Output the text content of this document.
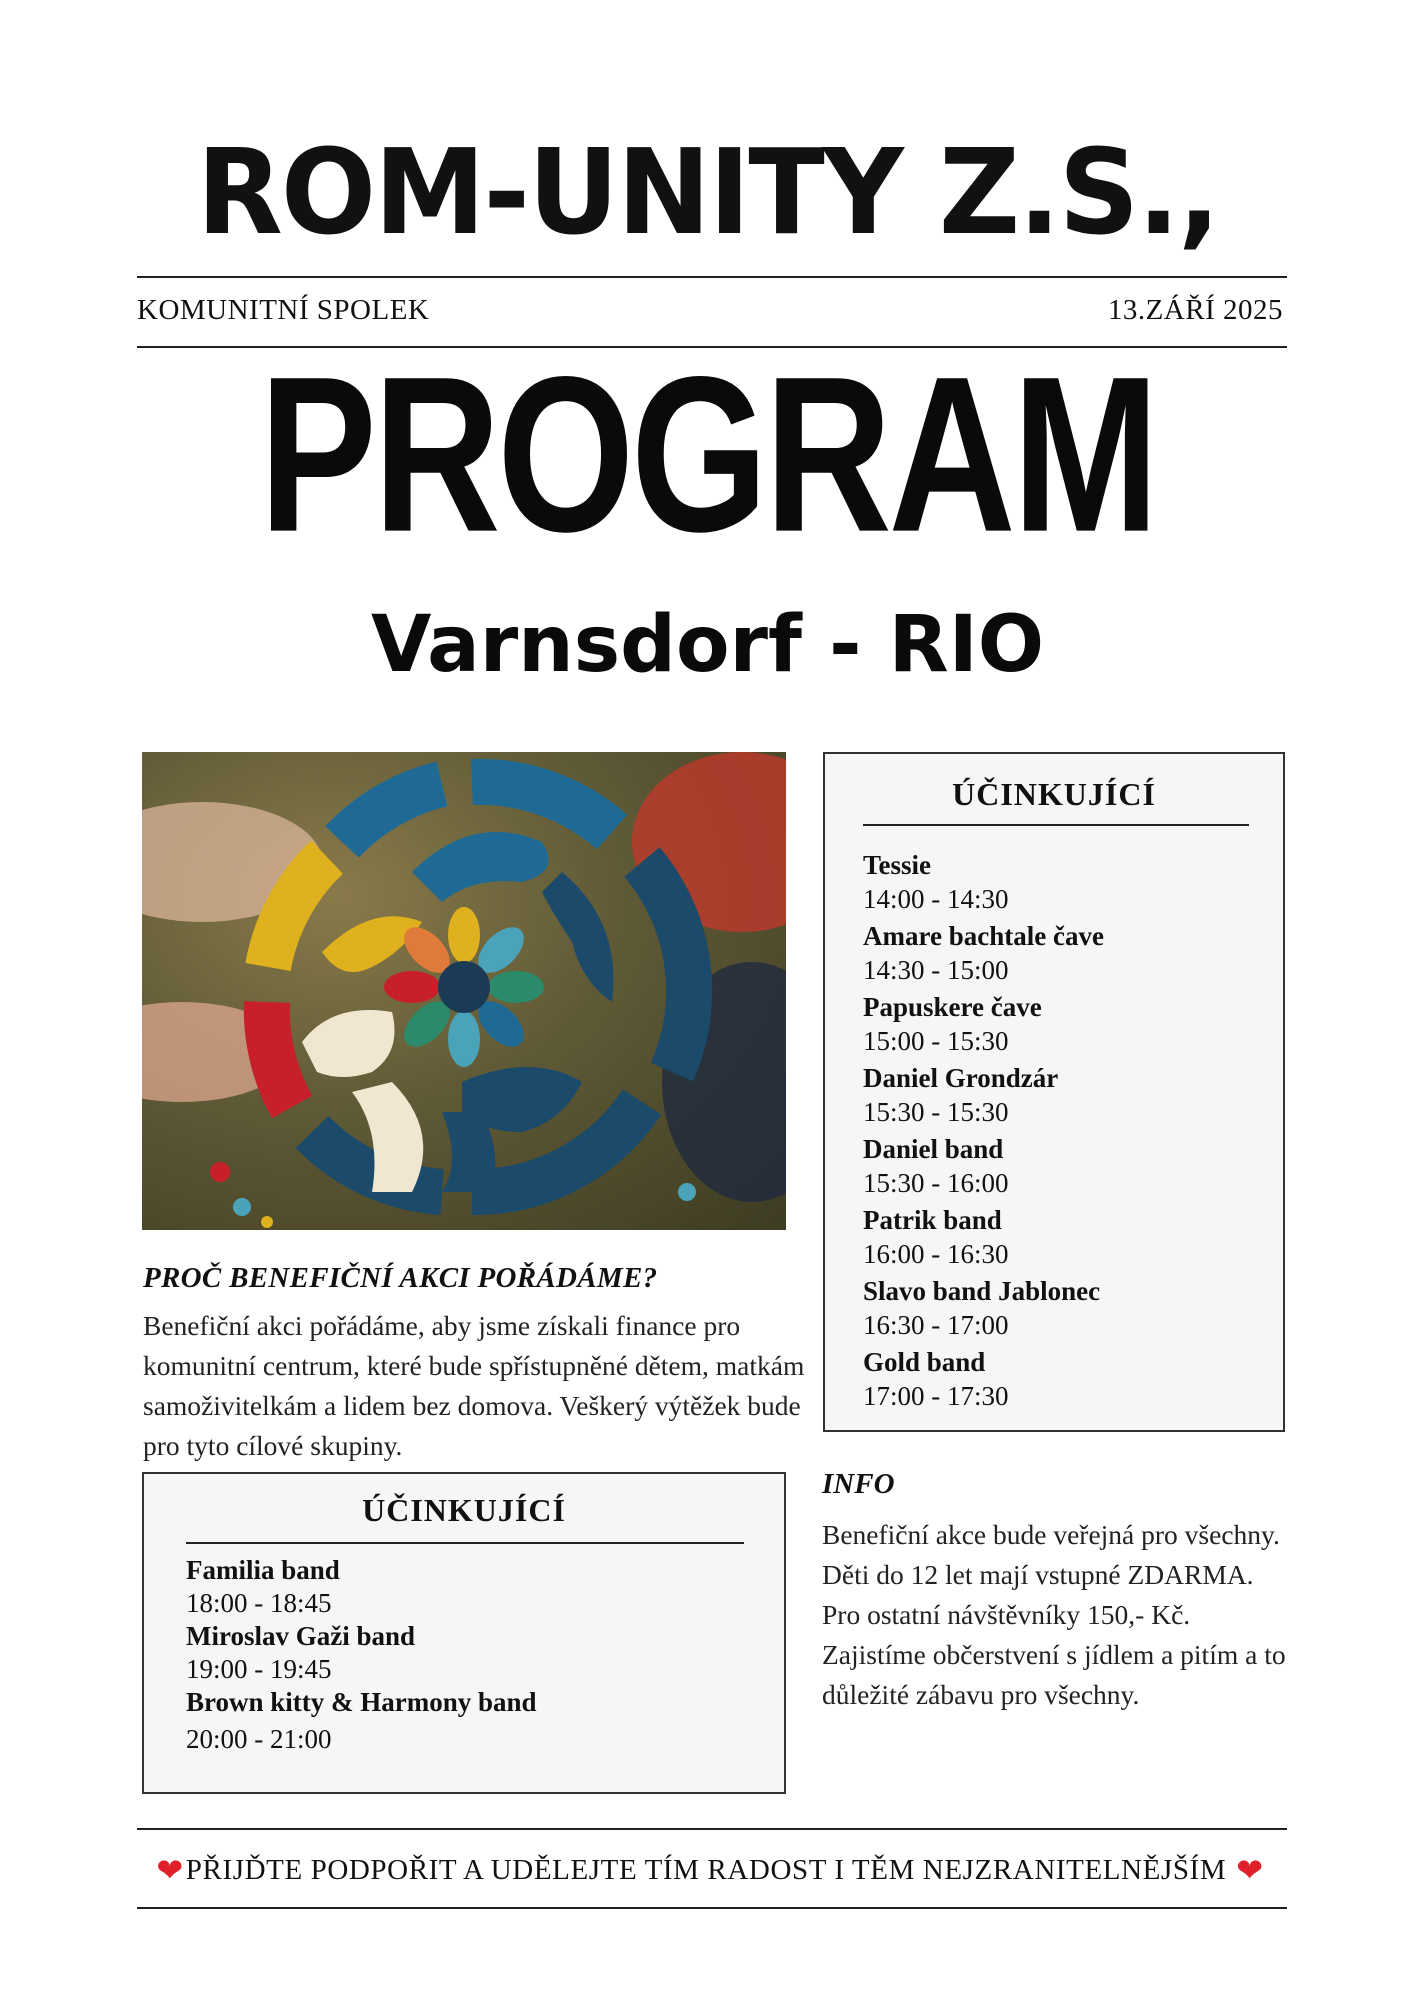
ROM-UNITY Z.S.,
KOMUNITNÍ SPOLEK	13.ZÁŘÍ 2025
PROGRAM
Varnsdorf - RIO
ÚČINKUJÍCÍ
Tessie
14:00 - 14:30
Amare bachtale čave
14:30 - 15:00
Papuskere čave
15:00 - 15:30
Daniel Grondzár
15:30 - 15:30
Daniel band
15:30 - 16:00
Patrik band
16:00 - 16:30
Slavo band Jablonec
16:30 - 17:00
Gold band
17:00 - 17:30
PROČ BENEFIČNÍ AKCI POŘÁDÁME?
Benefiční akci pořádáme, aby jsme získali finance pro komunitní centrum, které bude spřístupněné dětem, matkám samoživitelkám a lidem bez domova. Veškerý výtěžek bude pro tyto cílové skupiny.
ÚČINKUJÍCÍ
Familia band
18:00 - 18:45
Miroslav Gaži band
19:00 - 19:45
Brown kitty & Harmony band
20:00 - 21:00
INFO
Benefiční akce bude veřejná pro všechny. Děti do 12 let mají vstupné ZDARMA. Pro ostatní návštěvníky 150,- Kč. Zajistíme občerstvení s jídlem a pitím a to důležité zábavu pro všechny.
❤ PŘIJĎTE PODPOŘIT A UDĚLEJTE TÍM RADOST I TĚM NEJZRANITELNĚJŠÍM ❤
